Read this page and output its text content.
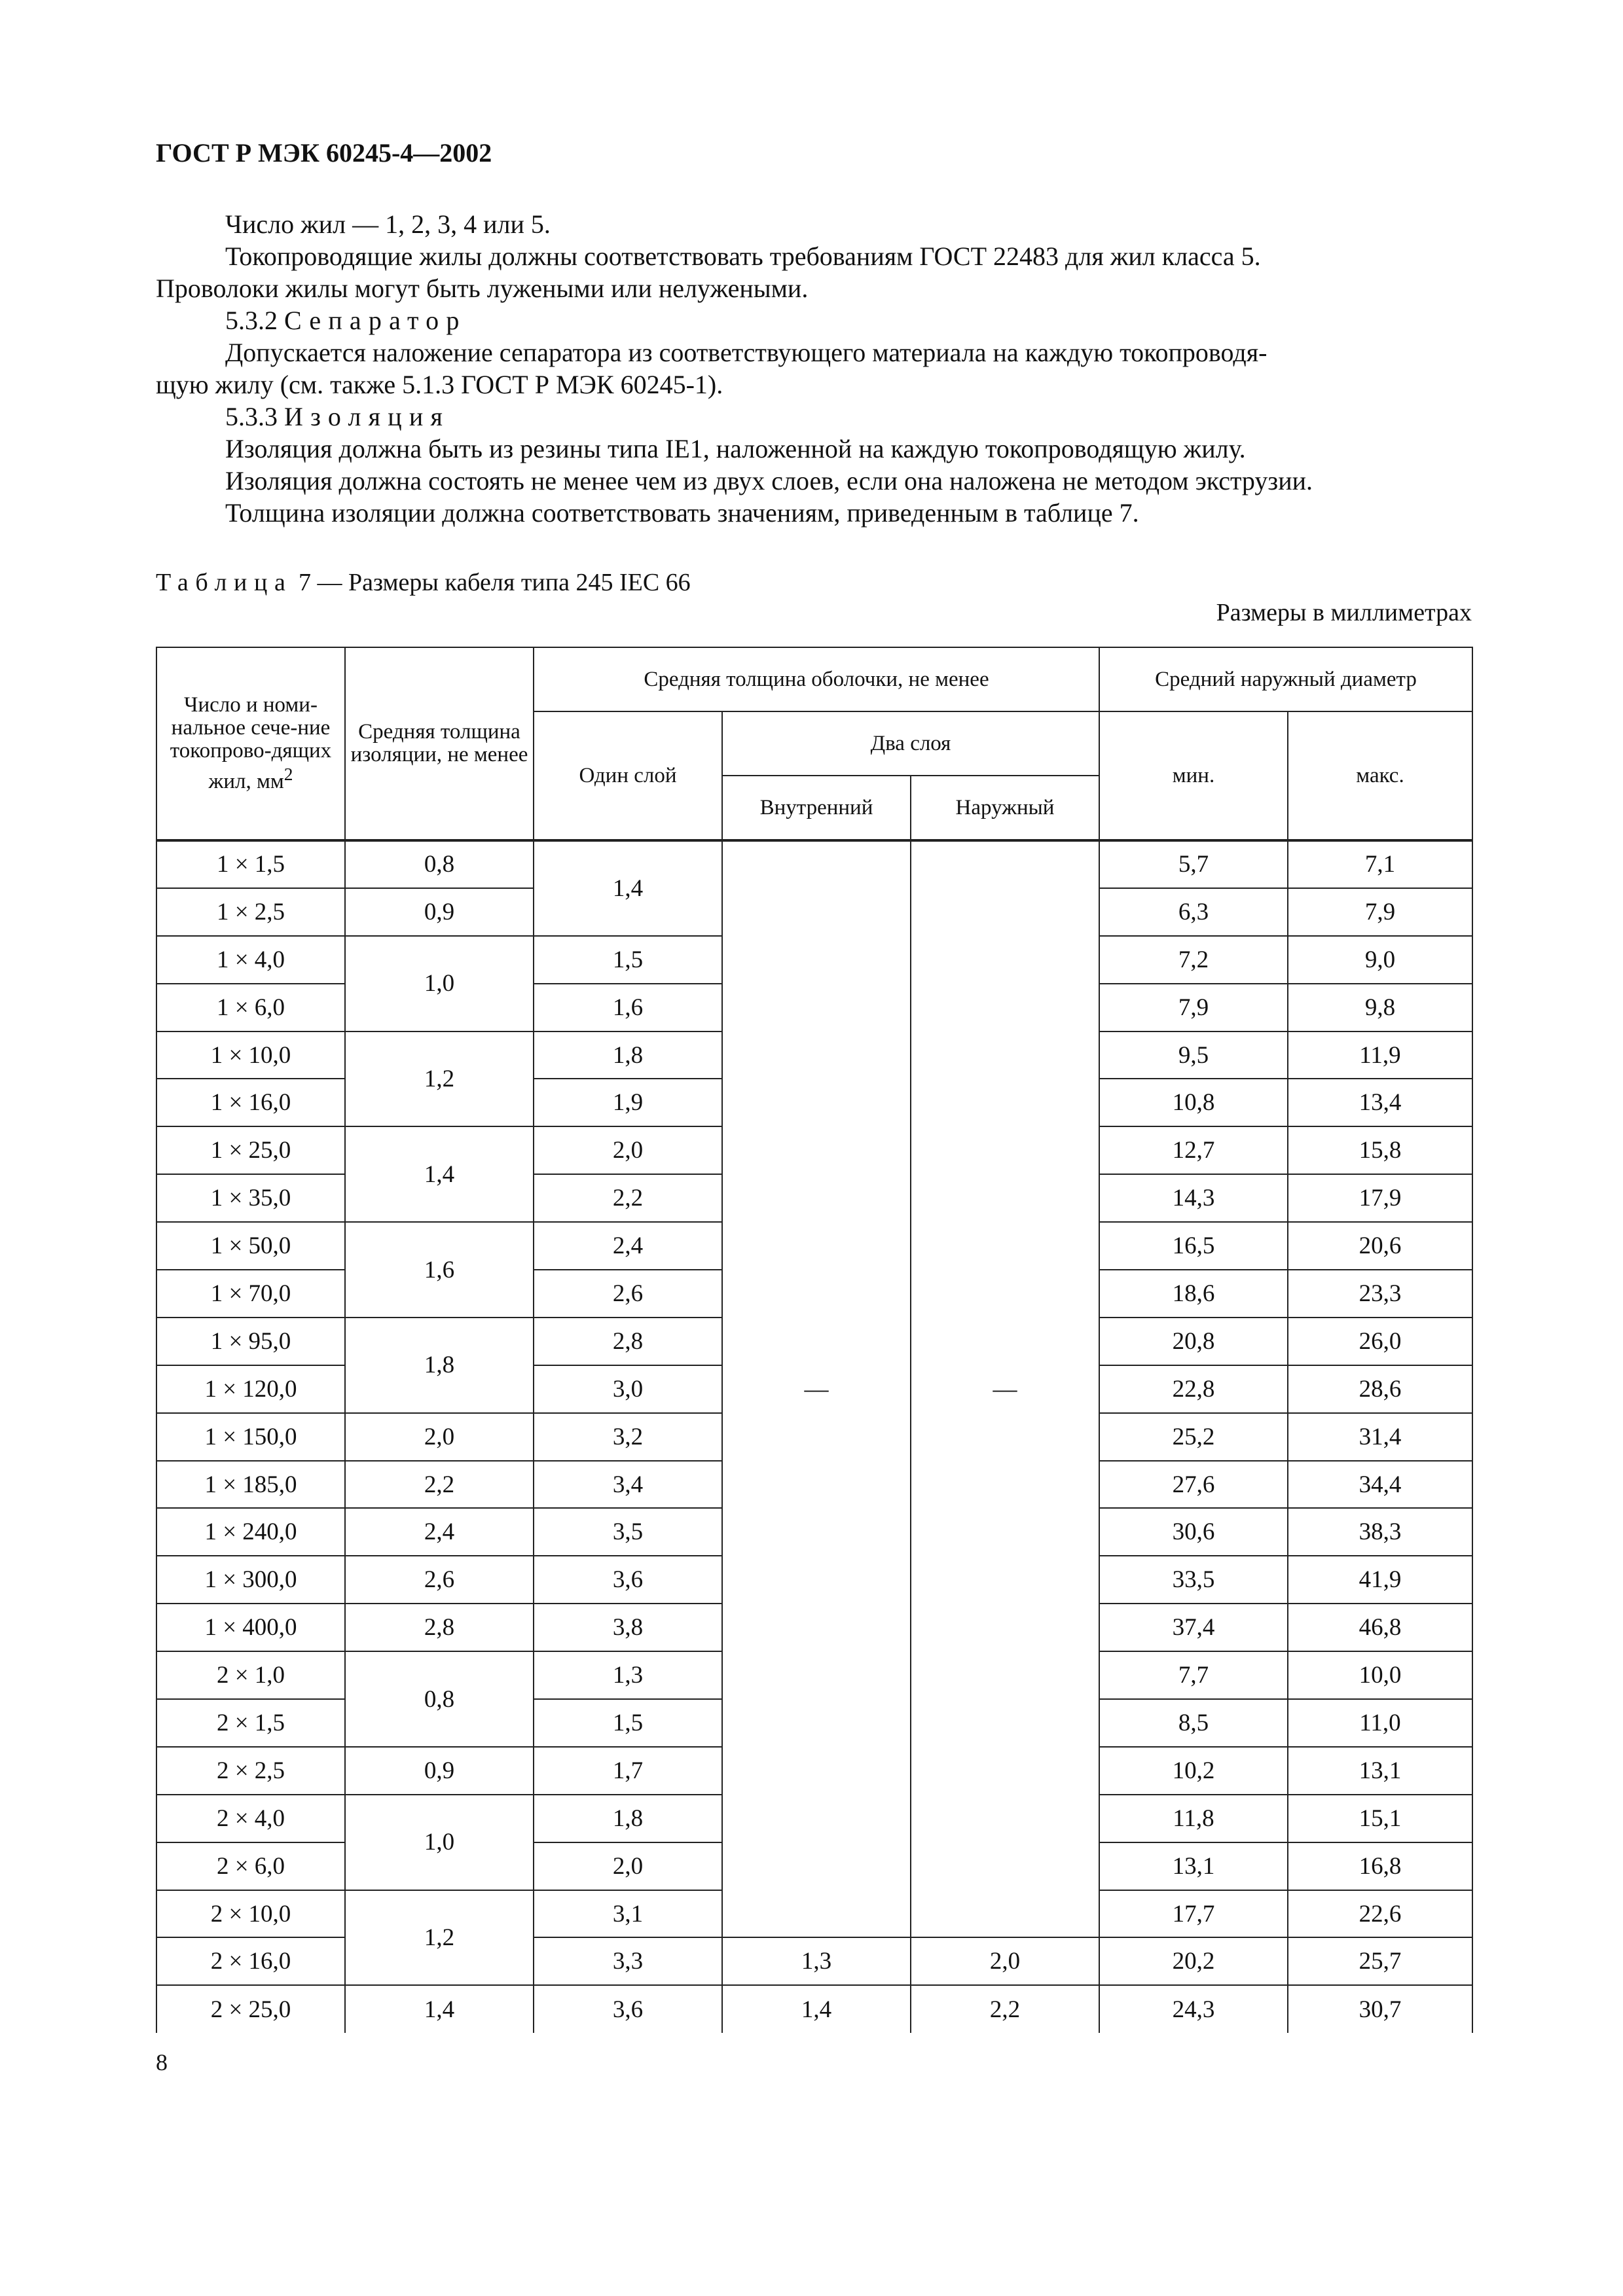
ГОСТ Р МЭК 60245-4—2002

Число жил — 1, 2, 3, 4 или 5.

Токопроводящие жилы должны соответствовать требованиям ГОСТ 22483 для жил класса 5.

Проволоки жилы могут быть лужеными или нелужеными.

5.3.2 Сепаратор

Допускается наложение сепаратора из соответствующего материала на каждую токопроводя-

щую жилу (см. также 5.1.3 ГОСТ Р МЭК 60245-1).

5.3.3 Изоляция

Изоляция должна быть из резины типа IE1, наложенной на каждую токопроводящую жилу.

Изоляция должна состоять не менее чем из двух слоев, если она наложена не методом экструзии.

Толщина изоляции должна соответствовать значениям, приведенным в таблице 7.

Таблица 7 — Размеры кабеля типа 245 IEC 66
Размеры в миллиметрах
Число и номи-нальное сече-ние токопрово-дящих жил, $мм^2$	Средняя толщина изоляции, не менее	Средняя толщина оболочки, не менее			Средний наружный диаметр	
		Один слой	Два слоя		мин.	макс.
			Внутренний	Наружный		
1 × 1,5	0,8	1,4	—	—	5,7	7,1
1 × 2,5	0,9				6,3	7,9
1 × 4,0	1,0	1,5			7,2	9,0
1 × 6,0		1,6			7,9	9,8
1 × 10,0	1,2	1,8			9,5	11,9
1 × 16,0		1,9			10,8	13,4
1 × 25,0	1,4	2,0			12,7	15,8
1 × 35,0		2,2			14,3	17,9
1 × 50,0	1,6	2,4			16,5	20,6
1 × 70,0		2,6			18,6	23,3
1 × 95,0	1,8	2,8			20,8	26,0
1 × 120,0		3,0			22,8	28,6
1 × 150,0	2,0	3,2			25,2	31,4
1 × 185,0	2,2	3,4			27,6	34,4
1 × 240,0	2,4	3,5			30,6	38,3
1 × 300,0	2,6	3,6			33,5	41,9
1 × 400,0	2,8	3,8			37,4	46,8
2 × 1,0	0,8	1,3			7,7	10,0
2 × 1,5		1,5			8,5	11,0
2 × 2,5	0,9	1,7			10,2	13,1
2 × 4,0	1,0	1,8			11,8	15,1
2 × 6,0		2,0			13,1	16,8
2 × 10,0	1,2	3,1			17,7	22,6
2 × 16,0		3,3	1,3	2,0	20,2	25,7
2 × 25,0	1,4	3,6	1,4	2,2	24,3	30,7
8
